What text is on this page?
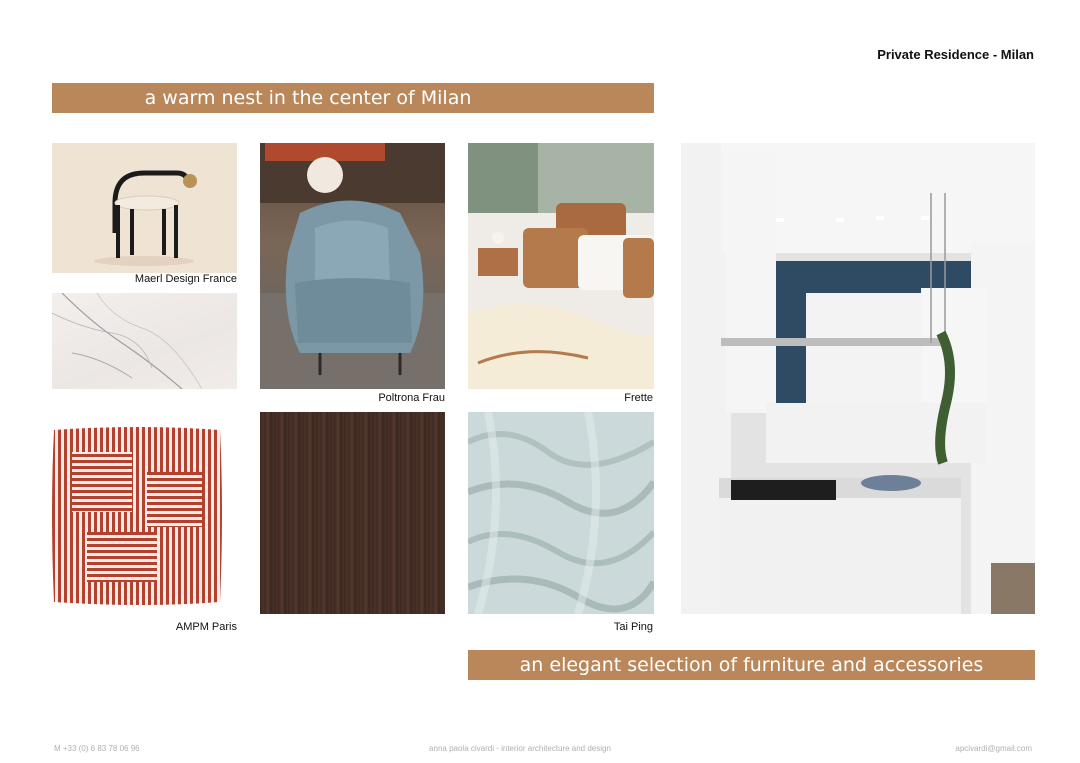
Private Residence - Milan
a warm nest in the center of Milan
Maerl Design France
Poltrona Frau	Frette
AMPM Paris	Tai Ping
an elegant selection of furniture and accessories
M +33 (0) 6 83 78 06 96	anna paola civardi - interior architecture and design	apcivardi@gmail.com
